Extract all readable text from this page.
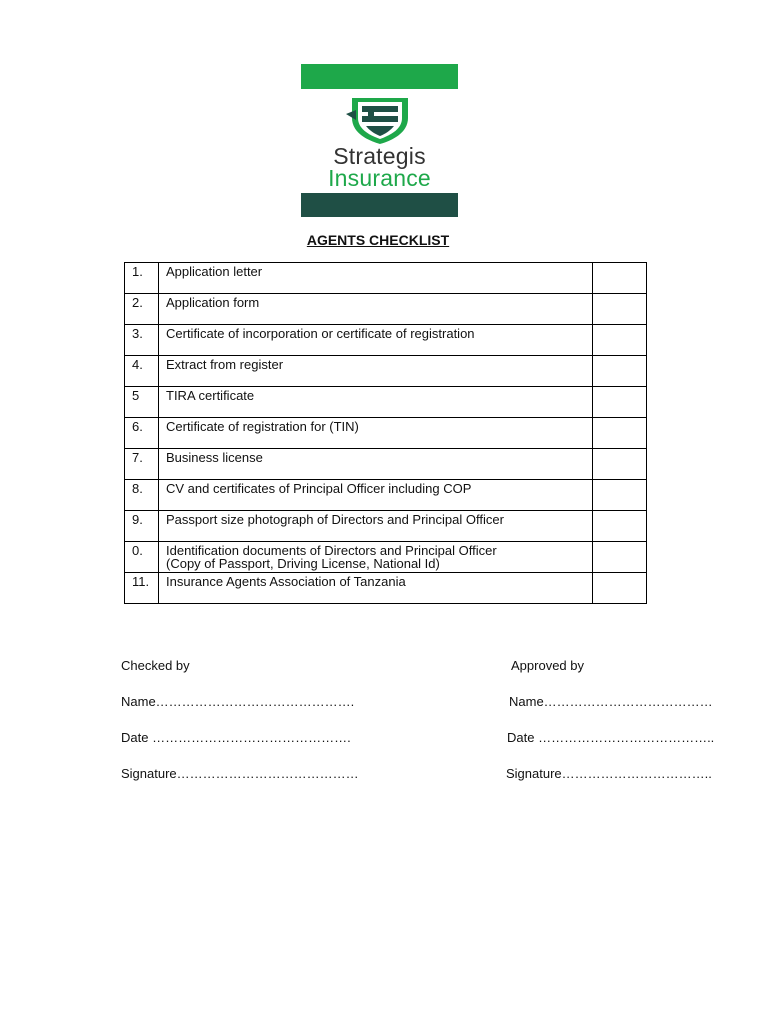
Strategis
Insurance
AGENTS CHECKLIST
1.	Application letter	

2.	Application form	

3.	Certificate of incorporation or certificate of registration	

4.	Extract from register	

5	TIRA certificate	

6.	Certificate of registration for (TIN)	

7.	Business license	

8.	CV and certificates of Principal Officer including COP	

9.	Passport size photograph of Directors and Principal Officer	

0.	Identification documents of Directors and Principal Officer
(Copy of Passport, Driving License, National Id)	

11.	Insurance Agents Association of Tanzania	

Checked by
Name……………………………………….
Date ……………………………………….
Signature……………………………………
Approved by
Name…………………………………
Date …………………………………..
Signature……………………………..
